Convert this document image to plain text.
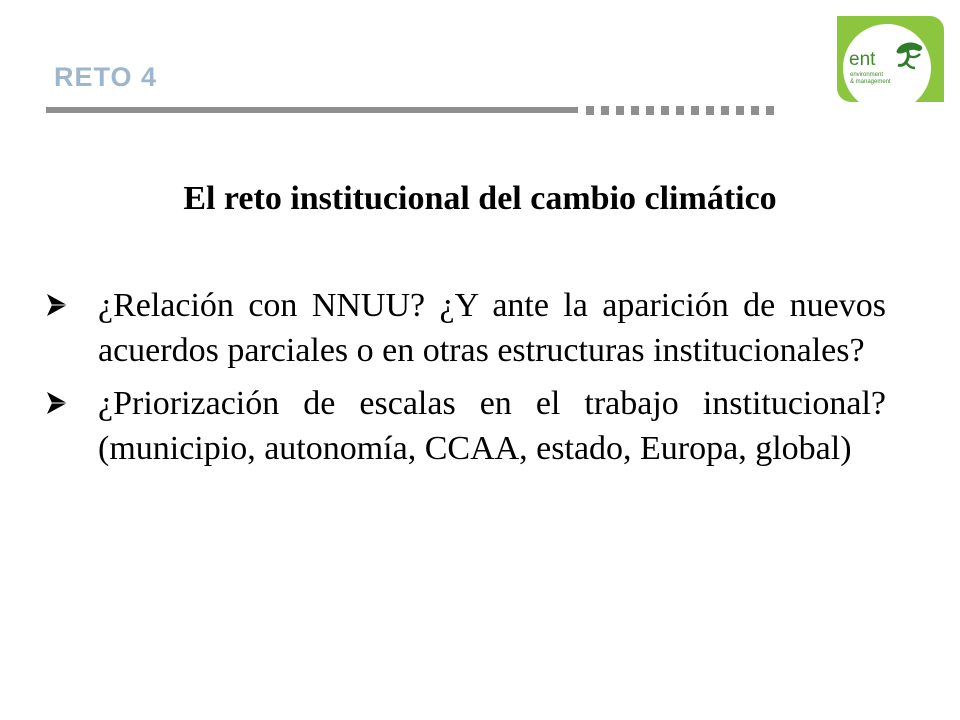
RETO 4
ent
environment
& management
El reto institucional del cambio climático
¿Relación con NNUU? ¿Y ante la aparición de nuevos acuerdos parciales o en otras estructuras institucionales?
¿Priorización de escalas en el trabajo institucional? (municipio, autonomía, CCAA, estado, Europa, global)
